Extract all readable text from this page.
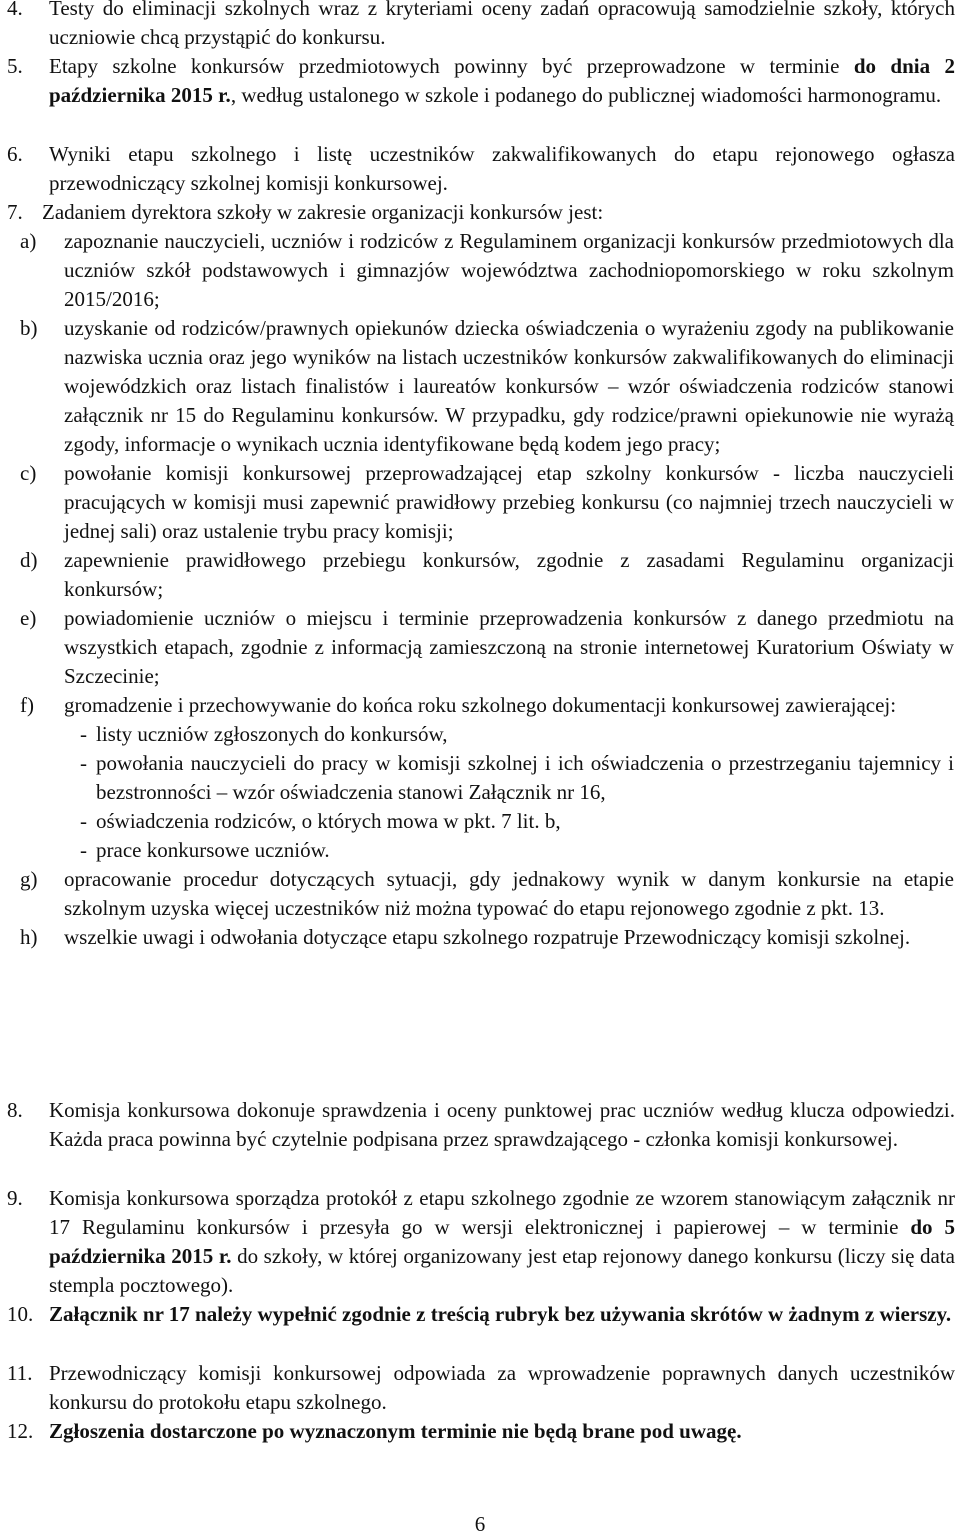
4.	Testy do eliminacji szkolnych wraz z kryteriami oceny zadań opracowują samodzielnie szkoły, których uczniowie chcą przystąpić do konkursu.
5.	Etapy szkolne konkursów przedmiotowych powinny być przeprowadzone w terminie do dnia 2 października 2015 r., według ustalonego w szkole i podanego do publicznej wiadomości harmonogramu.
6.	Wyniki etapu szkolnego i listę uczestników zakwalifikowanych do etapu rejonowego ogłasza przewodniczący szkolnej komisji konkursowej.
7. Zadaniem dyrektora szkoły w zakresie organizacji konkursów jest:
a) zapoznanie nauczycieli, uczniów i rodziców z Regulaminem organizacji konkursów przedmiotowych dla uczniów szkół podstawowych i gimnazjów województwa zachodniopomorskiego w roku szkolnym 2015/2016;
b) uzyskanie od rodziców/prawnych opiekunów dziecka oświadczenia o wyrażeniu zgody na publikowanie nazwiska ucznia oraz jego wyników na listach uczestników konkursów zakwalifikowanych do eliminacji wojewódzkich oraz listach finalistów i laureatów konkursów – wzór oświadczenia rodziców stanowi załącznik nr 15 do Regulaminu konkursów. W przypadku, gdy rodzice/prawni opiekunowie nie wyrażą zgody, informacje o wynikach ucznia identyfikowane będą kodem jego pracy;
c) powołanie komisji konkursowej przeprowadzającej etap szkolny konkursów - liczba nauczycieli pracujących w komisji musi zapewnić prawidłowy przebieg konkursu (co najmniej trzech nauczycieli w jednej sali) oraz ustalenie trybu pracy komisji;
d) zapewnienie prawidłowego przebiegu konkursów, zgodnie z zasadami Regulaminu organizacji konkursów;
e) powiadomienie uczniów o miejscu i terminie przeprowadzenia konkursów z danego przedmiotu na wszystkich etapach, zgodnie z informacją zamieszczoną na stronie internetowej Kuratorium Oświaty w Szczecinie;
f) gromadzenie i przechowywanie do końca roku szkolnego dokumentacji konkursowej zawierającej:
- listy uczniów zgłoszonych do konkursów,
- powołania nauczycieli do pracy w komisji szkolnej i ich oświadczenia o przestrzeganiu tajemnicy i bezstronności – wzór oświadczenia stanowi Załącznik nr 16,
- oświadczenia rodziców, o których mowa w pkt. 7 lit. b,
- prace konkursowe uczniów.
g) opracowanie procedur dotyczących sytuacji, gdy jednakowy wynik w danym konkursie na etapie szkolnym uzyska więcej uczestników niż można typować do etapu rejonowego zgodnie z pkt. 13.
h) wszelkie uwagi i odwołania dotyczące etapu szkolnego rozpatruje Przewodniczący komisji szkolnej.
8.	Komisja konkursowa dokonuje sprawdzenia i oceny punktowej prac uczniów według klucza odpowiedzi. Każda praca powinna być czytelnie podpisana przez sprawdzającego - członka komisji konkursowej.
9.	Komisja konkursowa sporządza protokół z etapu szkolnego zgodnie ze wzorem stanowiącym załącznik nr 17 Regulaminu konkursów i przesyła go w wersji elektronicznej i papierowej – w terminie do 5 października 2015 r. do szkoły, w której organizowany jest etap rejonowy danego konkursu (liczy się data stempla pocztowego).
10. Załącznik nr 17 należy wypełnić zgodnie z treścią rubryk bez używania skrótów w żadnym z wierszy.
11. Przewodniczący komisji konkursowej odpowiada za wprowadzenie poprawnych danych uczestników konkursu do protokołu etapu szkolnego.
12. Zgłoszenia dostarczone po wyznaczonym terminie nie będą brane pod uwagę.
6
